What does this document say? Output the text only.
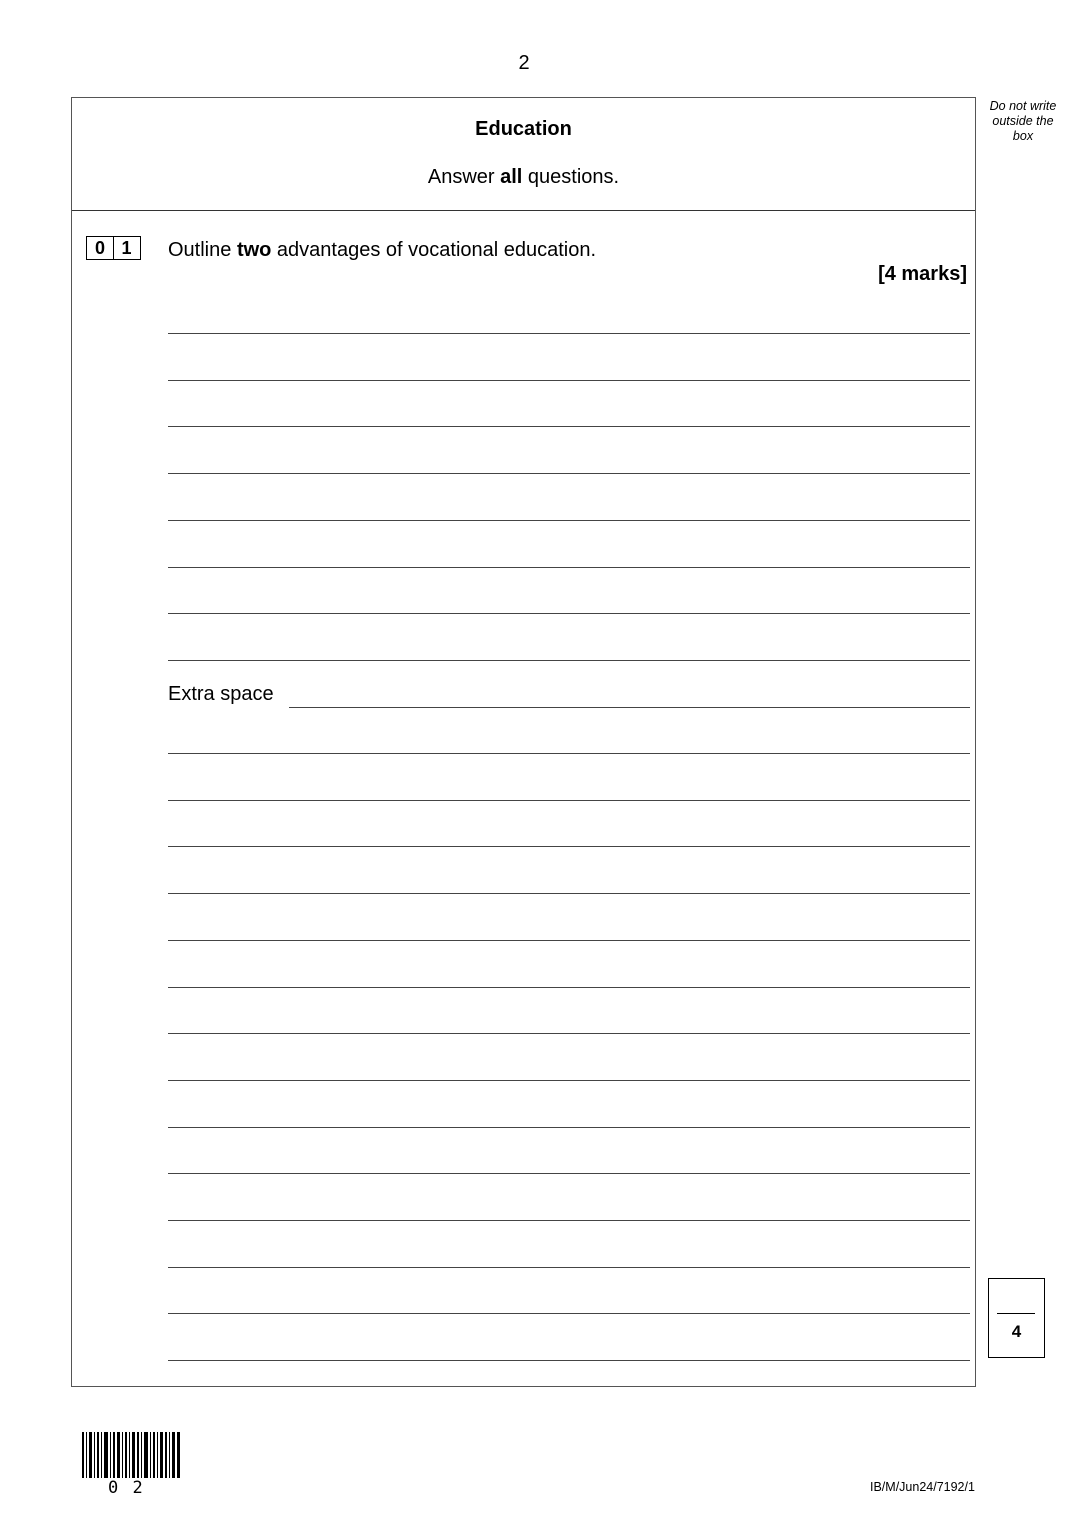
2
Do not write outside the box
Education
Answer all questions.
0 1	Outline two advantages of vocational education.
[4 marks]
Extra space
4
0 2	IB/M/Jun24/7192/1
